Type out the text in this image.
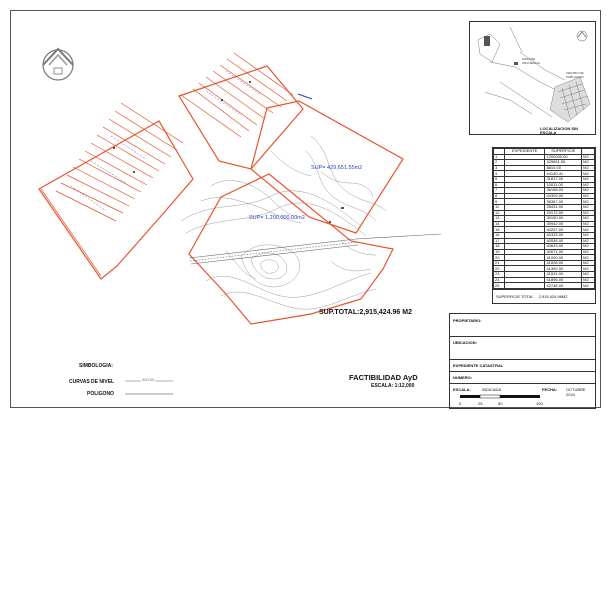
SUP= 429,651.55m2
SUP= 1,200,000.00m2
SUP.TOTAL:2,915,424.96 M2
SIMBOLOGIA:
CURVAS DE NIVEL	500.00
POLIGONO
FACTIBILIDAD AyD
ESCALA: 1:12,000
ZONA DE
INFLUENCIA
CENTRO DE
POBLACION
LOCALIZACION SIN ESCALA
	EXPEDIENTE	SUPERFICIE	
1		1200000.00	M2
2		429651.55	M2
3		8810.00	M2
4		44140.41	M2
5		31817.00	M2
6		10011.00	M2
7		38158.00	M2
8		40309.00	M2
9		36367.00	M2
11		28431.00	M2
12		29172.00	M2
13		39150.00	M2
14		39942.00	M2
15		40257.00	M2
16		40333.00	M2
17		40536.00	M2
18		40643.00	M2
19		40671.00	M2
20		41000.00	M2
21		41008.00	M2
22		41392.00	M2
23		41524.00	M2
24		41896.00	M2
25		42748.00	M2
SUPERFICIE TOTAL 2,915,424.96M2
PROPIETARIO:
UBICACION:
EXPEDIENTE CATASTRAL
NUMERO:
ESCALA:	INDICADA	FECHA: OCTUBRE 2024
0	25	50	100
